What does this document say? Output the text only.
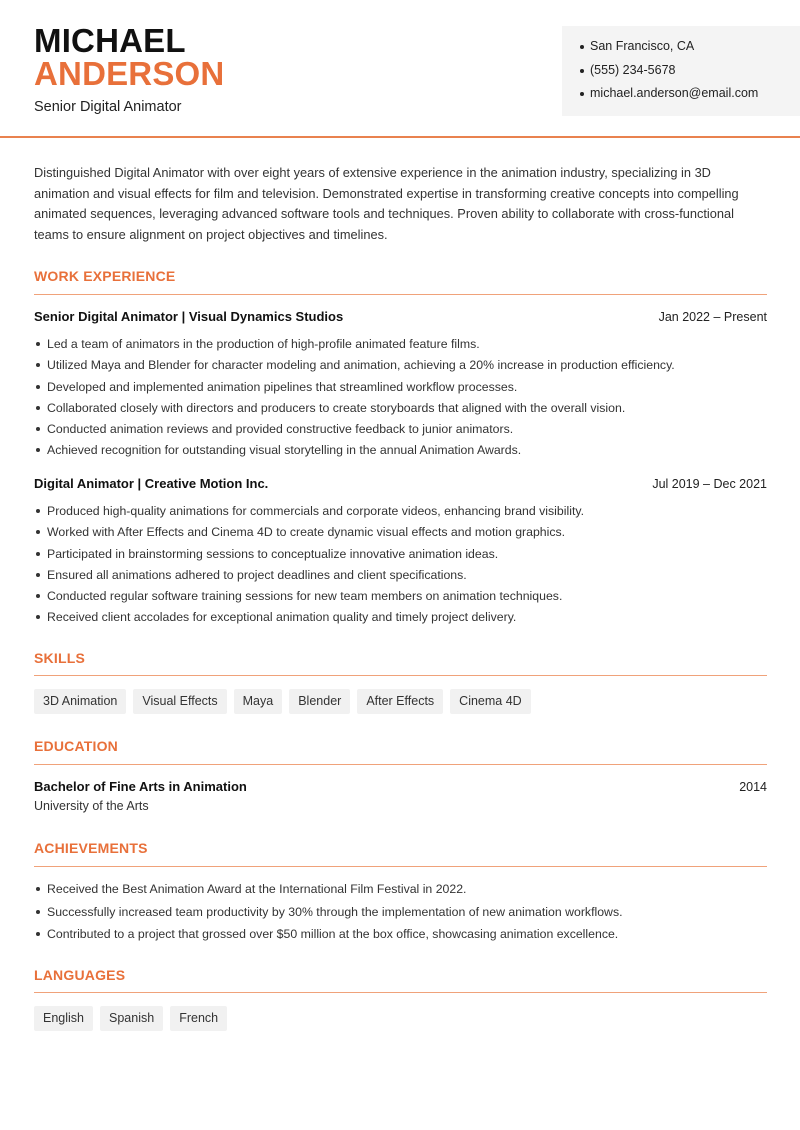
MICHAEL
ANDERSON
Senior Digital Animator
San Francisco, CA
(555) 234-5678
michael.anderson@email.com
Distinguished Digital Animator with over eight years of extensive experience in the animation industry, specializing in 3D animation and visual effects for film and television. Demonstrated expertise in transforming creative concepts into compelling animated sequences, leveraging advanced software tools and techniques. Proven ability to collaborate with cross-functional teams to ensure alignment on project objectives and timelines.
WORK EXPERIENCE
Senior Digital Animator | Visual Dynamics Studios	Jan 2022 – Present
Led a team of animators in the production of high-profile animated feature films.
Utilized Maya and Blender for character modeling and animation, achieving a 20% increase in production efficiency.
Developed and implemented animation pipelines that streamlined workflow processes.
Collaborated closely with directors and producers to create storyboards that aligned with the overall vision.
Conducted animation reviews and provided constructive feedback to junior animators.
Achieved recognition for outstanding visual storytelling in the annual Animation Awards.
Digital Animator | Creative Motion Inc.	Jul 2019 – Dec 2021
Produced high-quality animations for commercials and corporate videos, enhancing brand visibility.
Worked with After Effects and Cinema 4D to create dynamic visual effects and motion graphics.
Participated in brainstorming sessions to conceptualize innovative animation ideas.
Ensured all animations adhered to project deadlines and client specifications.
Conducted regular software training sessions for new team members on animation techniques.
Received client accolades for exceptional animation quality and timely project delivery.
SKILLS
3D Animation	Visual Effects	Maya	Blender	After Effects	Cinema 4D
EDUCATION
Bachelor of Fine Arts in Animation	2014
University of the Arts
ACHIEVEMENTS
Received the Best Animation Award at the International Film Festival in 2022.
Successfully increased team productivity by 30% through the implementation of new animation workflows.
Contributed to a project that grossed over $50 million at the box office, showcasing animation excellence.
LANGUAGES
English	Spanish	French
